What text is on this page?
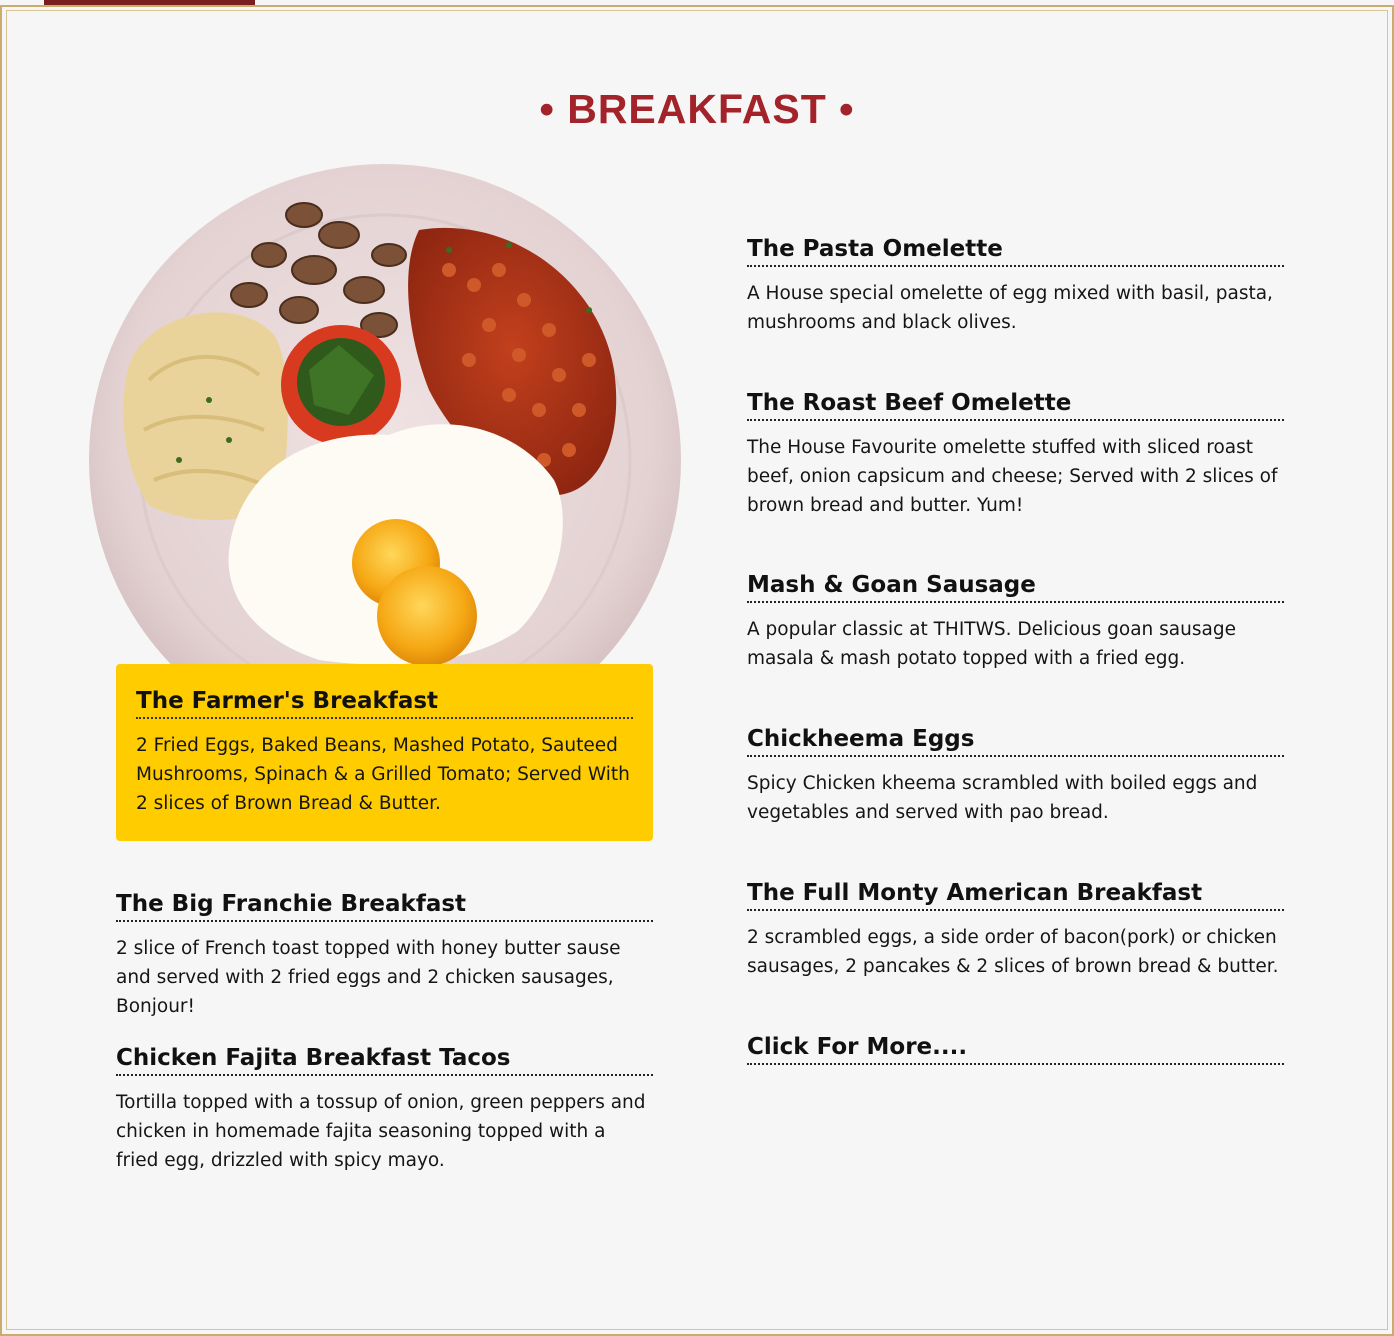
• BREAKFAST •
The Farmer's Breakfast
2 Fried Eggs, Baked Beans, Mashed Potato, Sauteed Mushrooms, Spinach & a Grilled Tomato; Served With 2 slices of Brown Bread & Butter.
The Big Franchie Breakfast
2 slice of French toast topped with honey butter sause and served with 2 fried eggs and 2 chicken sausages, Bonjour!
Chicken Fajita Breakfast Tacos
Tortilla topped with a tossup of onion, green peppers and chicken in homemade fajita seasoning topped with a fried egg, drizzled with spicy mayo.
The Pasta Omelette
A House special omelette of egg mixed with basil, pasta, mushrooms and black olives.
The Roast Beef Omelette
The House Favourite omelette stuffed with sliced roast beef, onion capsicum and cheese; Served with 2 slices of brown bread and butter. Yum!
Mash & Goan Sausage
A popular classic at THITWS. Delicious goan sausage masala & mash potato topped with a fried egg.
Chickheema Eggs
Spicy Chicken kheema scrambled with boiled eggs and vegetables and served with pao bread.
The Full Monty American Breakfast
2 scrambled eggs, a side order of bacon(pork) or chicken sausages, 2 pancakes & 2 slices of brown bread & butter.
Click For More....
